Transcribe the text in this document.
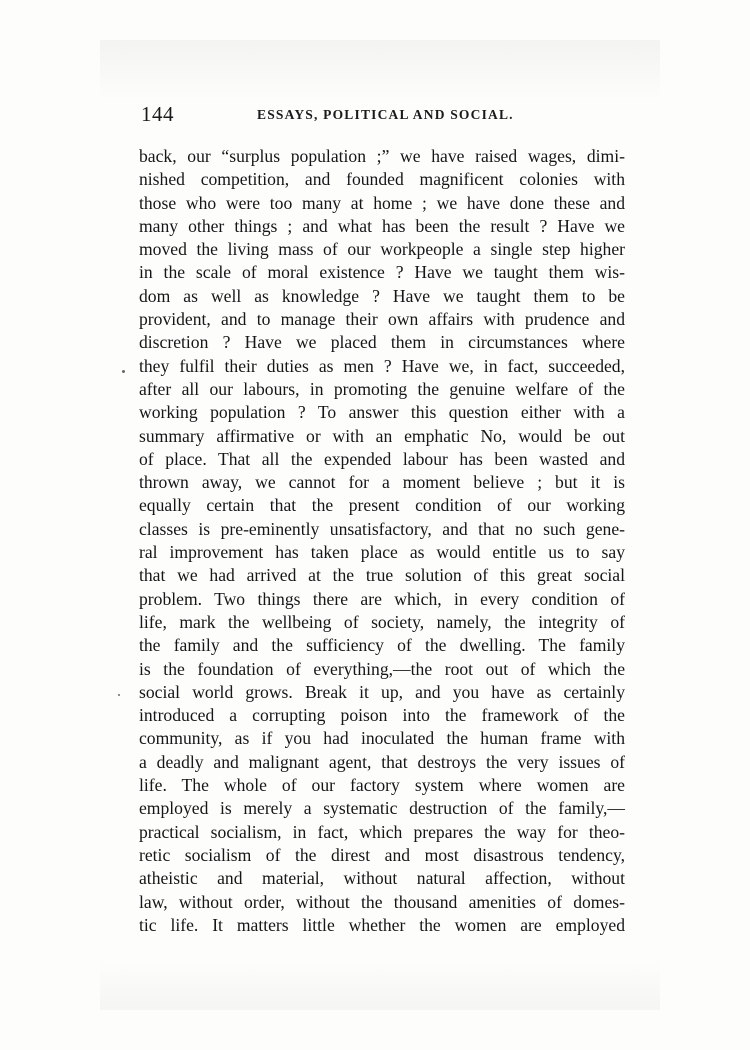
144	ESSAYS, POLITICAL AND SOCIAL.
back, our “surplus population ;” we have raised wages, dimi-
nished competition, and founded magnificent colonies with
those who were too many at home ; we have done these and
many other things ; and what has been the result ? Have we
moved the living mass of our workpeople a single step higher
in the scale of moral existence ? Have we taught them wis-
dom as well as knowledge ? Have we taught them to be
provident, and to manage their own affairs with prudence and
discretion ? Have we placed them in circumstances where
they fulfil their duties as men ? Have we, in fact, succeeded,
after all our labours, in promoting the genuine welfare of the
working population ? To answer this question either with a
summary affirmative or with an emphatic No, would be out
of place. That all the expended labour has been wasted and
thrown away, we cannot for a moment believe ; but it is
equally certain that the present condition of our working
classes is pre-eminently unsatisfactory, and that no such gene-
ral improvement has taken place as would entitle us to say
that we had arrived at the true solution of this great social
problem. Two things there are which, in every condition of
life, mark the wellbeing of society, namely, the integrity of
the family and the sufficiency of the dwelling. The family
is the foundation of everything,—the root out of which the
social world grows. Break it up, and you have as certainly
introduced a corrupting poison into the framework of the
community, as if you had inoculated the human frame with
a deadly and malignant agent, that destroys the very issues of
life. The whole of our factory system where women are
employed is merely a systematic destruction of the family,—
practical socialism, in fact, which prepares the way for theo-
retic socialism of the direst and most disastrous tendency,
atheistic and material, without natural affection, without
law, without order, without the thousand amenities of domes-
tic life. It matters little whether the women are employed
